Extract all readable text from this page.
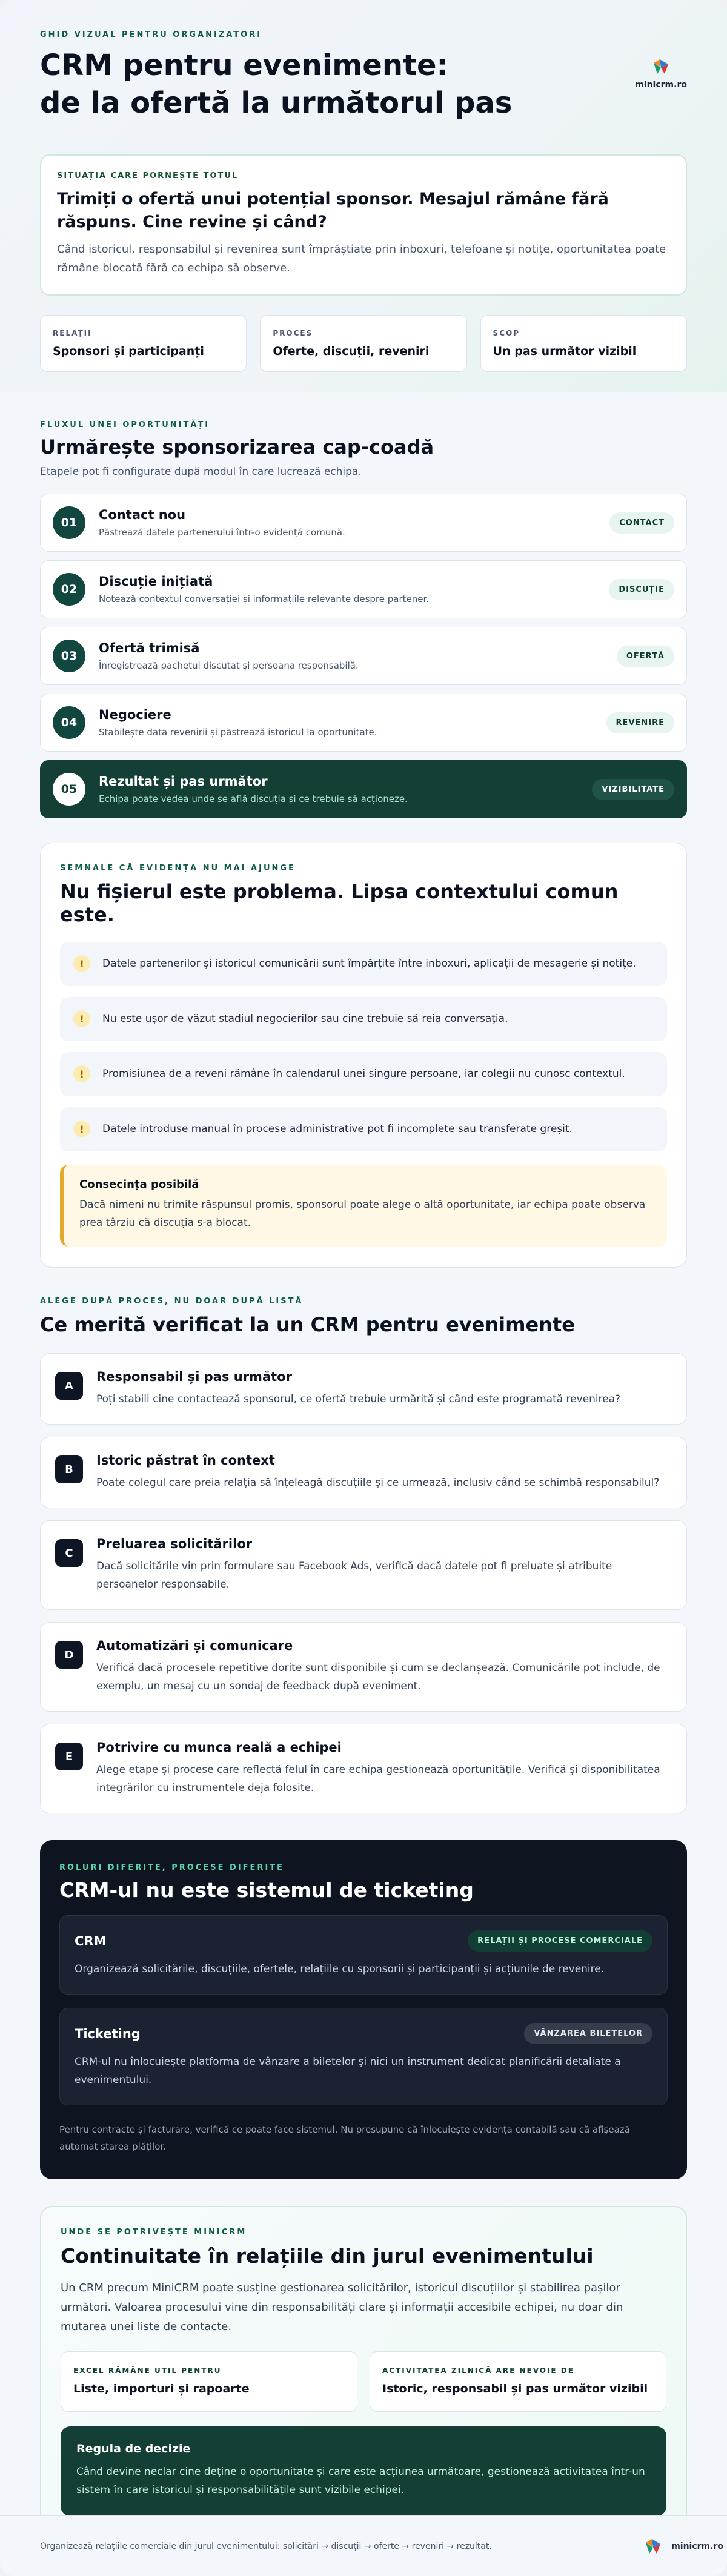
GHID VIZUAL PENTRU ORGANIZATORI
CRM pentru evenimente:
de la ofertă la următorul pas
minicrm.ro
SITUAȚIA CARE PORNEȘTE TOTUL
Trimiți o ofertă unui potențial sponsor. Mesajul rămâne fără răspuns. Cine revine și când?

Când istoricul, responsabilul și revenirea sunt împrăștiate prin inboxuri, telefoane și notițe, oportunitatea poate rămâne blocată fără ca echipa să observe.

RELAȚII
Sponsori și participanți
PROCES
Oferte, discuții, reveniri
SCOP
Un pas următor vizibil
FLUXUL UNEI OPORTUNITĂȚI
Urmărește sponsorizarea cap-coadă
Etapele pot fi configurate după modul în care lucrează echipa.
01
Contact nou
Păstrează datele partenerului într-o evidență comună.
CONTACT
02
Discuție inițiată
Notează contextul conversației și informațiile relevante despre partener.
DISCUȚIE
03
Ofertă trimisă
Înregistrează pachetul discutat și persoana responsabilă.
OFERTĂ
04
Negociere
Stabilește data revenirii și păstrează istoricul la oportunitate.
REVENIRE
05
Rezultat și pas următor
Echipa poate vedea unde se află discuția și ce trebuie să acționeze.
VIZIBILITATE
SEMNALE CĂ EVIDENȚA NU MAI AJUNGE
Nu fișierul este problema. Lipsa contextului comun este.
!	Datele partenerilor și istoricul comunicării sunt împărțite între inboxuri, aplicații de mesagerie și notițe.
!	Nu este ușor de văzut stadiul negocierilor sau cine trebuie să reia conversația.
!	Promisiunea de a reveni rămâne în calendarul unei singure persoane, iar colegii nu cunosc contextul.
!	Datele introduse manual în procese administrative pot fi incomplete sau transferate greșit.
Consecința posibilă
Dacă nimeni nu trimite răspunsul promis, sponsorul poate alege o altă oportunitate, iar echipa poate observa prea târziu că discuția s-a blocat.
ALEGE DUPĂ PROCES, NU DOAR DUPĂ LISTĂ
Ce merită verificat la un CRM pentru evenimente
A
Responsabil și pas următor
Poți stabili cine contactează sponsorul, ce ofertă trebuie urmărită și când este programată revenirea?
B
Istoric păstrat în context
Poate colegul care preia relația să înțeleagă discuțiile și ce urmează, inclusiv când se schimbă responsabilul?
C
Preluarea solicitărilor
Dacă solicitările vin prin formulare sau Facebook Ads, verifică dacă datele pot fi preluate și atribuite persoanelor responsabile.
D
Automatizări și comunicare
Verifică dacă procesele repetitive dorite sunt disponibile și cum se declanșează. Comunicările pot include, de exemplu, un mesaj cu un sondaj de feedback după eveniment.
E
Potrivire cu munca reală a echipei
Alege etape și procese care reflectă felul în care echipa gestionează oportunitățile. Verifică și disponibilitatea integrărilor cu instrumentele deja folosite.
ROLURI DIFERITE, PROCESE DIFERITE
CRM-ul nu este sistemul de ticketing
CRM	RELAȚII ȘI PROCESE COMERCIALE
Organizează solicitările, discuțiile, ofertele, relațiile cu sponsorii și participanții și acțiunile de revenire.
Ticketing	VÂNZAREA BILETELOR
CRM-ul nu înlocuiește platforma de vânzare a biletelor și nici un instrument dedicat planificării detaliate a evenimentului.
Pentru contracte și facturare, verifică ce poate face sistemul. Nu presupune că înlocuiește evidența contabilă sau că afișează automat starea plăților.
UNDE SE POTRIVEȘTE MINICRM
Continuitate în relațiile din jurul evenimentului
Un CRM precum MiniCRM poate susține gestionarea solicitărilor, istoricul discuțiilor și stabilirea pașilor următori. Valoarea procesului vine din responsabilități clare și informații accesibile echipei, nu doar din mutarea unei liste de contacte.
EXCEL RĂMÂNE UTIL PENTRU
Liste, importuri și rapoarte
ACTIVITATEA ZILNICĂ ARE NEVOIE DE
Istoric, responsabil și pas următor vizibil
Regula de decizie
Când devine neclar cine deține o oportunitate și care este acțiunea următoare, gestionează activitatea într-un sistem în care istoricul și responsabilitățile sunt vizibile echipei.
Organizează relațiile comerciale din jurul evenimentului: solicitări → discuții → oferte → reveniri → rezultat.	minicrm.ro
